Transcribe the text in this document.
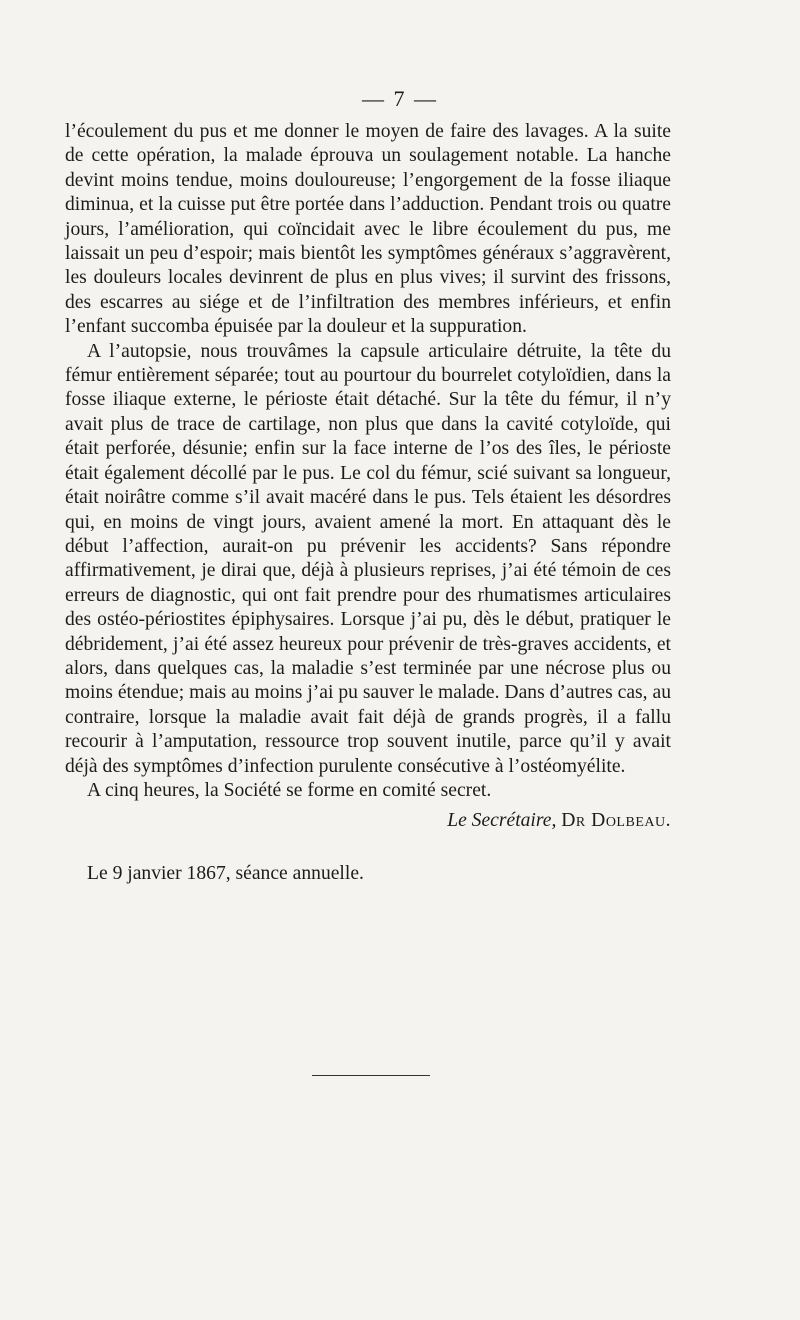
— 7 —

l’écoulement du pus et me donner le moyen de faire des lavages. A la suite de cette opération, la malade éprouva un soulagement notable. La hanche devint moins tendue, moins douloureuse; l’engorgement de la fosse iliaque diminua, et la cuisse put être portée dans l’adduction. Pendant trois ou quatre jours, l’amélioration, qui coïncidait avec le libre écoulement du pus, me laissait un peu d’espoir; mais bientôt les symptômes généraux s’aggravèrent, les douleurs locales devinrent de plus en plus vives; il survint des frissons, des escarres au siége et de l’infiltration des membres inférieurs, et enfin l’enfant succomba épuisée par la douleur et la suppuration.

A l’autopsie, nous trouvâmes la capsule articulaire détruite, la tête du fémur entièrement séparée; tout au pourtour du bourrelet cotyloïdien, dans la fosse iliaque externe, le périoste était détaché. Sur la tête du fémur, il n’y avait plus de trace de cartilage, non plus que dans la cavité cotyloïde, qui était perforée, désunie; enfin sur la face interne de l’os des îles, le périoste était également décollé par le pus. Le col du fémur, scié suivant sa longueur, était noirâtre comme s’il avait macéré dans le pus. Tels étaient les désordres qui, en moins de vingt jours, avaient amené la mort. En attaquant dès le début l’affection, aurait-on pu prévenir les accidents? Sans répondre affirmativement, je dirai que, déjà à plusieurs reprises, j’ai été témoin de ces erreurs de diagnostic, qui ont fait prendre pour des rhumatismes articulaires des ostéo-périostites épiphysaires. Lorsque j’ai pu, dès le début, pratiquer le débridement, j’ai été assez heureux pour prévenir de très-graves accidents, et alors, dans quelques cas, la maladie s’est terminée par une nécrose plus ou moins étendue; mais au moins j’ai pu sauver le malade. Dans d’autres cas, au contraire, lorsque la maladie avait fait déjà de grands progrès, il a fallu recourir à l’amputation, ressource trop souvent inutile, parce qu’il y avait déjà des symptômes d’infection purulente consécutive à l’ostéomyélite.

A cinq heures, la Société se forme en comité secret.

Le Secrétaire, Dr Dolbeau.

Le 9 janvier 1867, séance annuelle.
